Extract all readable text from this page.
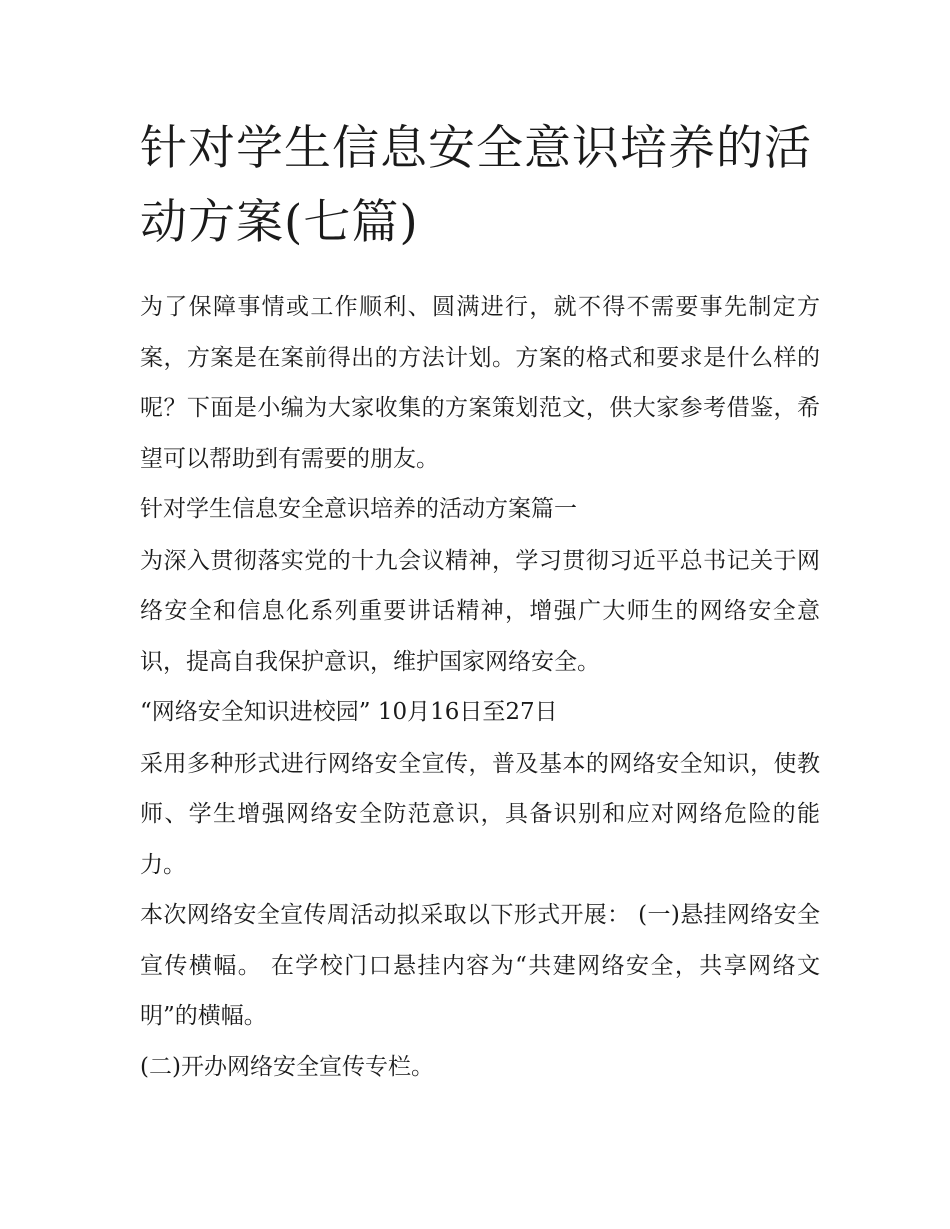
针对学生信息安全意识培养的活动方案(七篇)

为了保障事情或工作顺利、圆满进行，就不得不需要事先制定方案，方案是在案前得出的方法计划。方案的格式和要求是什么样的呢？下面是小编为大家收集的方案策划范文，供大家参考借鉴，希望可以帮助到有需要的朋友。

针对学生信息安全意识培养的活动方案篇一

为深入贯彻落实党的十九会议精神，学习贯彻习近平总书记关于网络安全和信息化系列重要讲话精神，增强广大师生的网络安全意识，提高自我保护意识，维护国家网络安全。

“网络安全知识进校园” 10月16日至27日

采用多种形式进行网络安全宣传，普及基本的网络安全知识，使教师、学生增强网络安全防范意识，具备识别和应对网络危险的能力。

本次网络安全宣传周活动拟采取以下形式开展： (一)悬挂网络安全宣传横幅。 在学校门口悬挂内容为“共建网络安全，共享网络文明”的横幅。

(二)开办网络安全宣传专栏。
